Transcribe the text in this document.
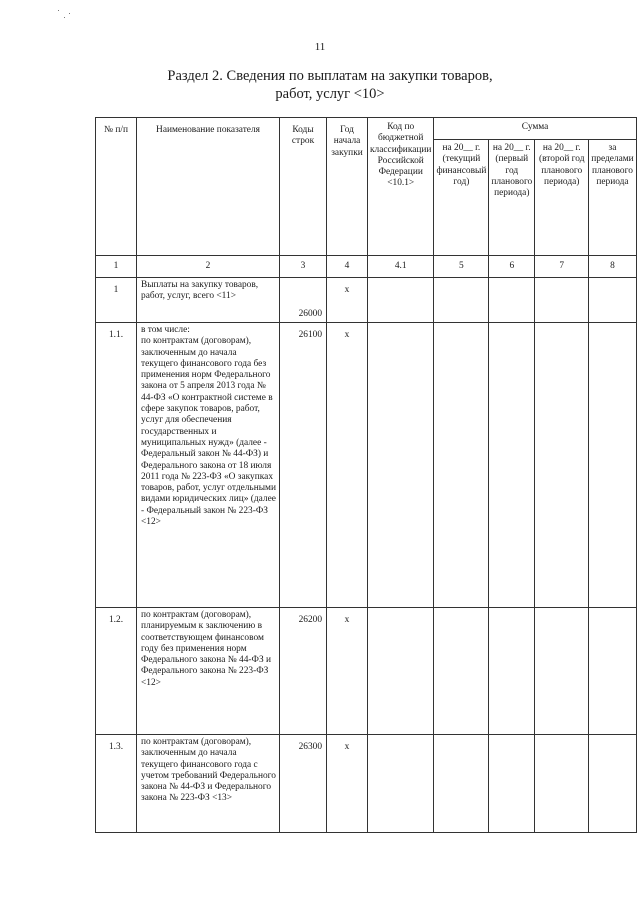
11
Раздел 2. Сведения по выплатам на закупки товаров,
работ, услуг <10>
№ п/п	Наименование показателя	Коды строк	Год начала закупки	Код по бюджетной классификации Российской Федерации <10.1>	Сумма			
					на 20__ г. (текущий финансовый год)	на 20__ г. (первый год планового периода)	на 20__ г. (второй год планового периода)	за пределами планового периода
1	2	3	4	4.1	5	6	7	8
1	Выплаты на закупку товаров, работ, услуг, всего <11>	26000	x					
1.1.	в том числе:
по контрактам (договорам), заключенным до начала текущего финансового года без применения норм Федерального закона от 5 апреля 2013 года № 44-ФЗ «О контрактной системе в сфере закупок товаров, работ, услуг для обеспечения государственных и муниципальных нужд» (далее - Федеральный закон № 44-ФЗ) и Федерального закона от 18 июля 2011 года № 223-ФЗ «О закупках товаров, работ, услуг отдельными видами юридических лиц» (далее - Федеральный закон № 223-ФЗ <12>	26100	x					
1.2.	по контрактам (договорам), планируемым к заключению в соответствующем финансовом году без применения норм Федерального закона № 44-ФЗ и Федерального закона № 223-ФЗ <12>	26200	x					
1.3.	по контрактам (договорам), заключенным до начала текущего финансового года с учетом требований Федерального закона № 44-ФЗ и Федерального закона № 223-ФЗ <13>	26300	x					
